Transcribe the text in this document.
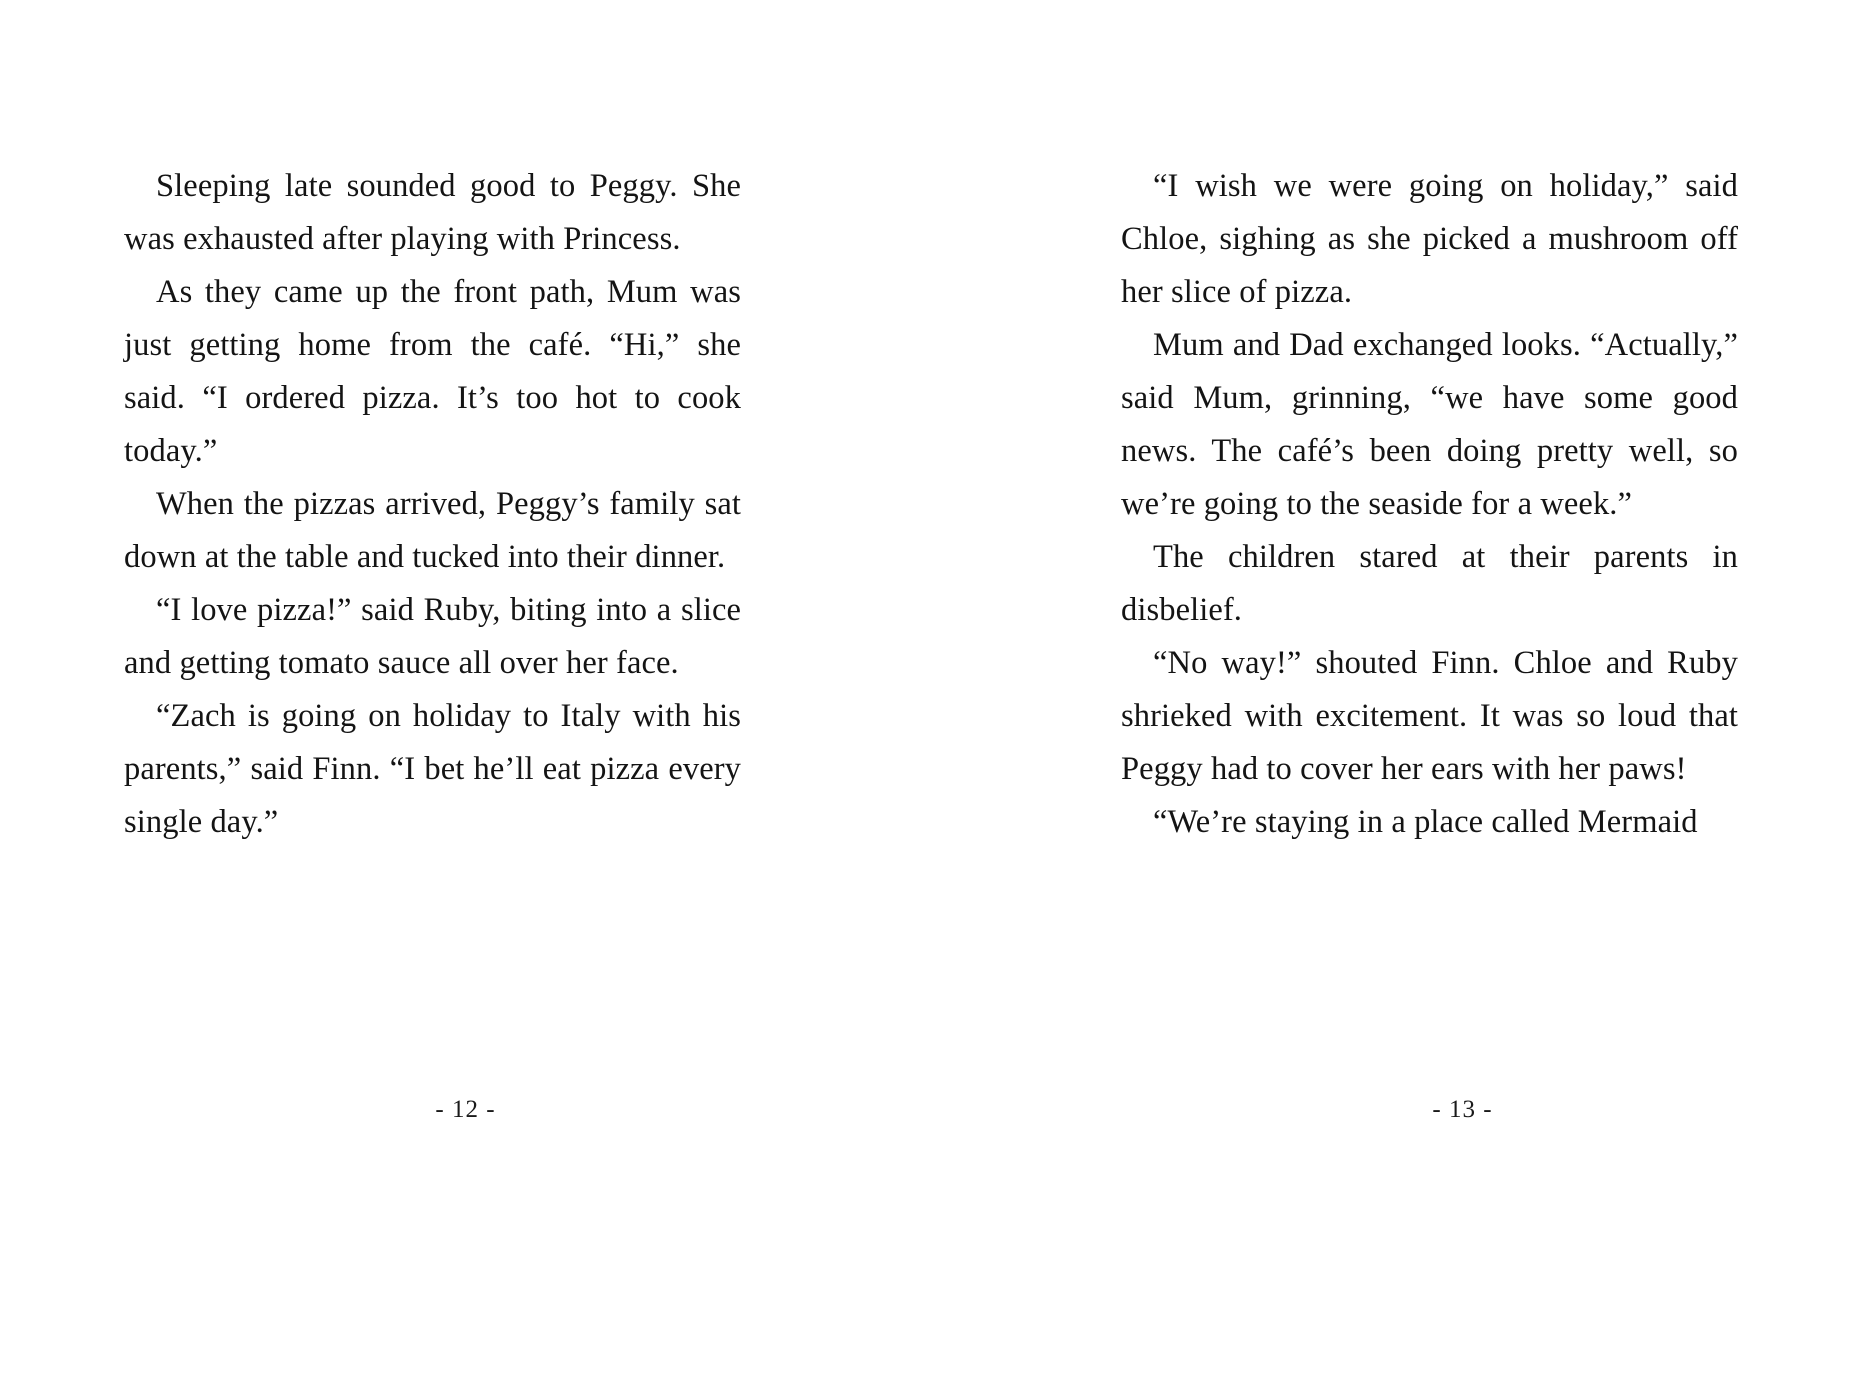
Sleeping late sounded good to Peggy. She was exhausted after playing with Princess.

As they came up the front path, Mum was just getting home from the café. “Hi,” she said. “I ordered pizza. It’s too hot to cook today.”

When the pizzas arrived, Peggy’s family sat down at the table and tucked into their dinner.

“I love pizza!” said Ruby, biting into a slice and getting tomato sauce all over her face.

“Zach is going on holiday to Italy with his parents,” said Finn. “I bet he’ll eat pizza every single day.”

- 12 -

“I wish we were going on holiday,” said Chloe, sighing as she picked a mushroom off her slice of pizza.

Mum and Dad exchanged looks. “Actually,” said Mum, grinning, “we have some good news. The café’s been doing pretty well, so we’re going to the seaside for a week.”

The children stared at their parents in disbelief.

“No way!” shouted Finn. Chloe and Ruby shrieked with excitement. It was so loud that Peggy had to cover her ears with her paws!

“We’re staying in a place called Mermaid

- 13 -
